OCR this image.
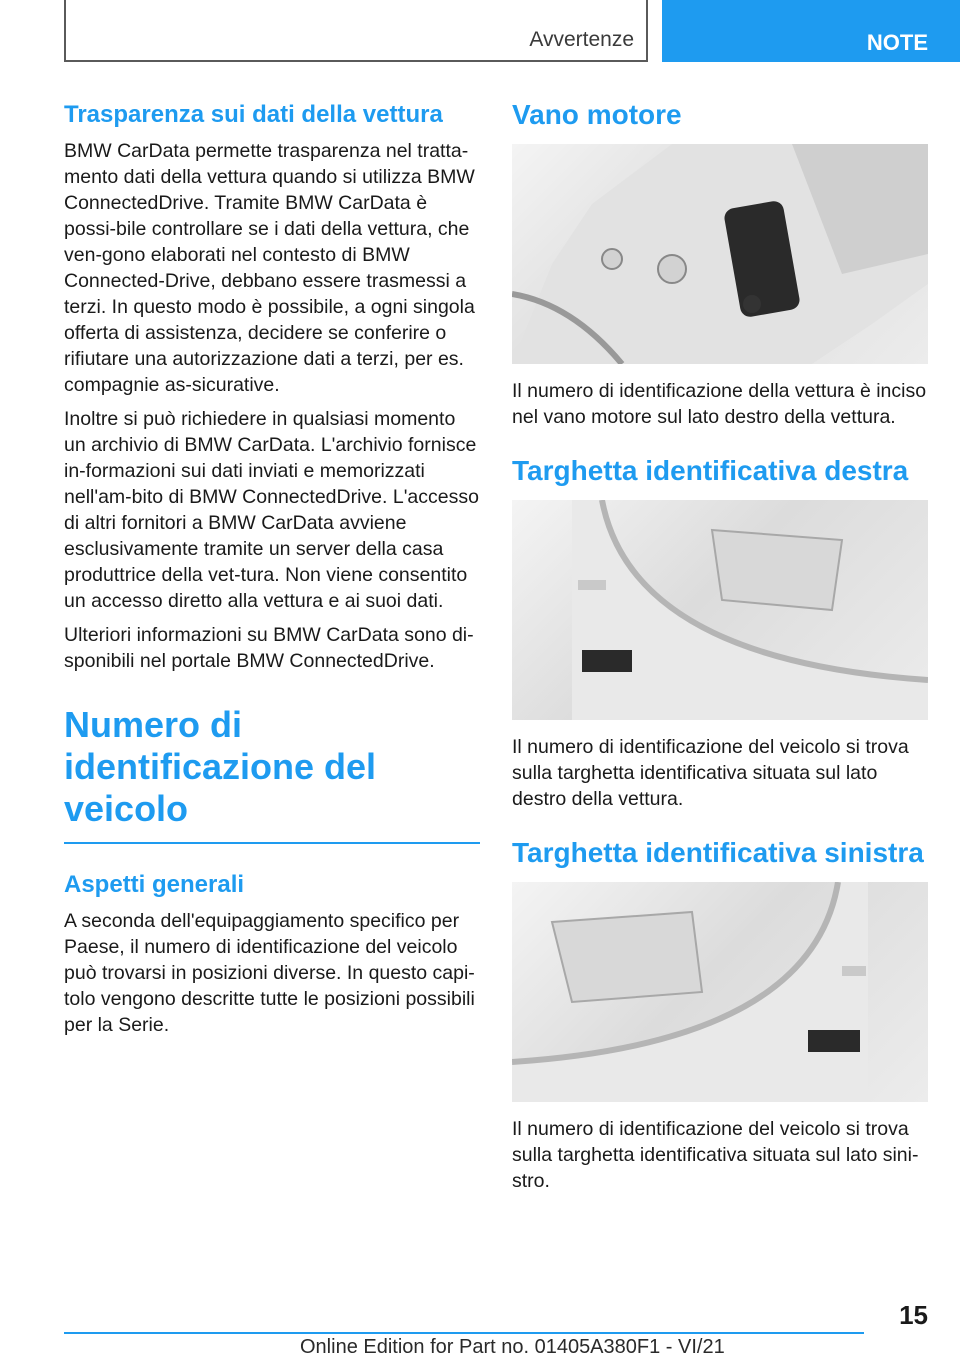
Avvertenze	NOTE
Trasparenza sui dati della vettura

BMW CarData permette trasparenza nel tratta-mento dati della vettura quando si utilizza BMW ConnectedDrive. Tramite BMW CarData è possi-bile controllare se i dati della vettura, che ven-gono elaborati nel contesto di BMW Connected-Drive, debbano essere trasmessi a terzi. In questo modo è possibile, a ogni singola offerta di assistenza, decidere se conferire o rifiutare una autorizzazione dati a terzi, per es. compagnie as-sicurative.

Inoltre si può richiedere in qualsiasi momento un archivio di BMW CarData. L'archivio fornisce in-formazioni sui dati inviati e memorizzati nell'am-bito di BMW ConnectedDrive. L'accesso di altri fornitori a BMW CarData avviene esclusivamente tramite un server della casa produttrice della vet-tura. Non viene consentito un accesso diretto alla vettura e ai suoi dati.

Ulteriori informazioni su BMW CarData sono di-sponibili nel portale BMW ConnectedDrive.

Numero di identificazione del veicolo
Aspetti generali

A seconda dell'equipaggiamento specifico per Paese, il numero di identificazione del veicolo può trovarsi in posizioni diverse. In questo capi-tolo vengono descritte tutte le posizioni possibili per la Serie.

Vano motore

Il numero di identificazione della vettura è inciso nel vano motore sul lato destro della vettura.

Targhetta identificativa destra

Il numero di identificazione del veicolo si trova sulla targhetta identificativa situata sul lato destro della vettura.

Targhetta identificativa sinistra

Il numero di identificazione del veicolo si trova sulla targhetta identificativa situata sul lato sini-stro.

15
Online Edition for Part no. 01405A380F1 - VI/21
